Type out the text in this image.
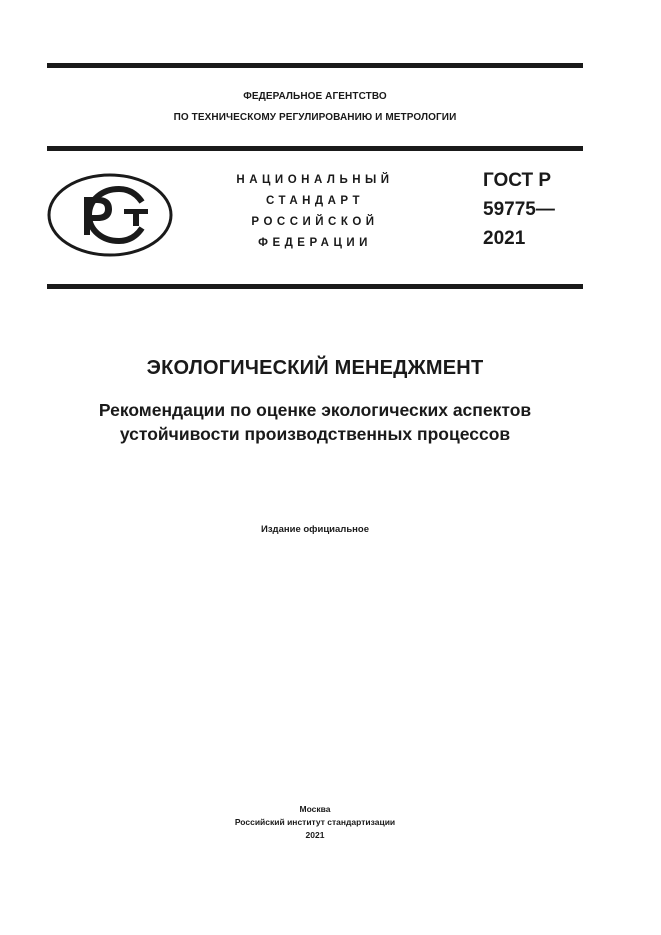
ФЕДЕРАЛЬНОЕ АГЕНТСТВО
ПО ТЕХНИЧЕСКОМУ РЕГУЛИРОВАНИЮ И МЕТРОЛОГИИ
НАЦИОНАЛЬНЫЙ
СТАНДАРТ
РОССИЙСКОЙ
ФЕДЕРАЦИИ
ГОСТ Р
59775—
2021
ЭКОЛОГИЧЕСКИЙ МЕНЕДЖМЕНТ
Рекомендации по оценке экологических аспектов
устойчивости производственных процессов
Издание официальное
Москва
Российский институт стандартизации
2021
